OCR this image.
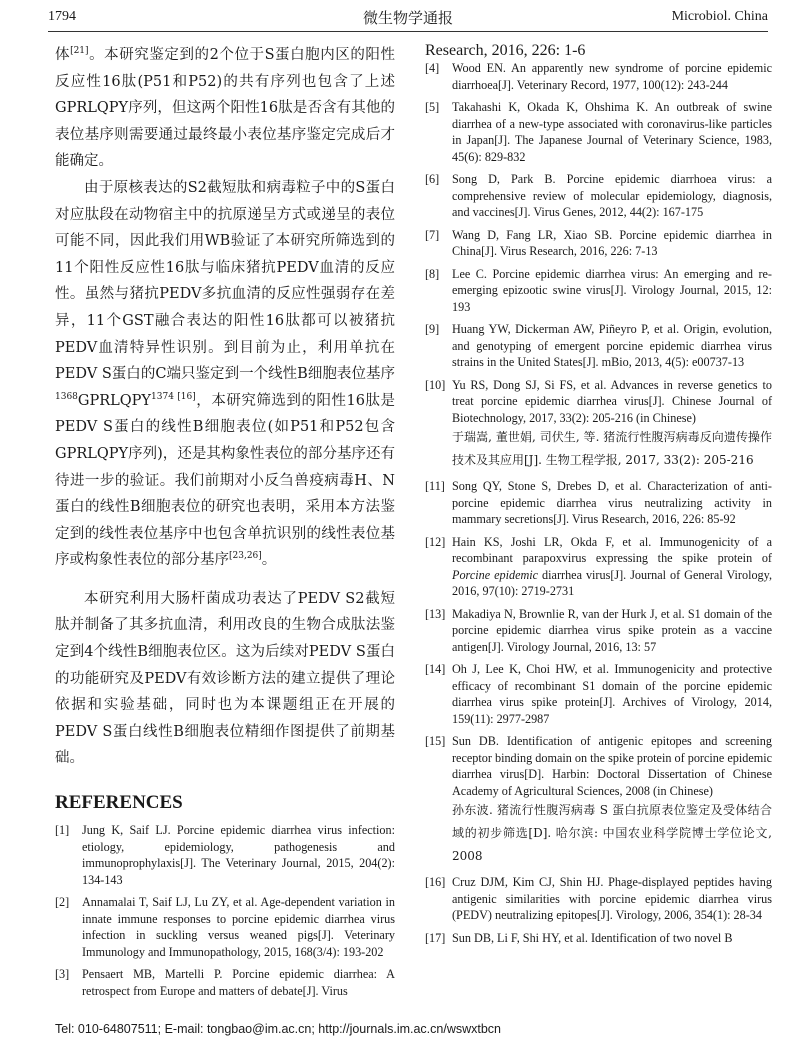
1794	微生物学通报	Microbiol. China

体[21]。本研究鉴定到的2个位于S蛋白胞内区的阳性反应性16肽(P51和P52)的共有序列也包含了上述GPRLQPY序列，但这两个阳性16肽是否含有其他的表位基序则需要通过最终最小表位基序鉴定完成后才能确定。

由于原核表达的S2截短肽和病毒粒子中的S蛋白对应肽段在动物宿主中的抗原递呈方式或递呈的表位可能不同，因此我们用WB验证了本研究所筛选到的11个阳性反应性16肽与临床猪抗PEDV血清的反应性。虽然与猪抗PEDV多抗血清的反应性强弱存在差异，11个GST融合表达的阳性16肽都可以被猪抗PEDV血清特异性识别。到目前为止，利用单抗在PEDV S蛋白的C端只鉴定到一个线性B细胞表位基序$^{1368}GPRLQPY^{1374 [16]}$，本研究筛选到的阳性16肽是PEDV S蛋白的线性B细胞表位(如P51和P52包含GPRLQPY序列)，还是其构象性表位的部分基序还有待进一步的验证。我们前期对小反刍兽疫病毒H、N蛋白的线性B细胞表位的研究也表明，采用本方法鉴定到的线性表位基序中也包含单抗识别的线性表位基序或构象性表位的部分基序[23,26]。

本研究利用大肠杆菌成功表达了PEDV S2截短肽并制备了其多抗血清，利用改良的生物合成肽法鉴定到4个线性B细胞表位区。这为后续对PEDV S蛋白的功能研究及PEDV有效诊断方法的建立提供了理论依据和实验基础，同时也为本课题组正在开展的PEDV S蛋白线性B细胞表位精细作图提供了前期基础。

REFERENCES
[1]	Jung K, Saif LJ. Porcine epidemic diarrhea virus infection: etiology, epidemiology, pathogenesis and immunoprophylaxis[J]. The Veterinary Journal, 2015, 204(2): 134-143
[2]	Annamalai T, Saif LJ, Lu ZY, et al. Age-dependent variation in innate immune responses to porcine epidemic diarrhea virus infection in suckling versus weaned pigs[J]. Veterinary Immunology and Immunopathology, 2015, 168(3/4): 193-202
[3]	Pensaert MB, Martelli P. Porcine epidemic diarrhea: A retrospect from Europe and matters of debate[J]. Virus
Research, 2016, 226: 1-6
[4]	Wood EN. An apparently new syndrome of porcine epidemic diarrhoea[J]. Veterinary Record, 1977, 100(12): 243-244
[5]	Takahashi K, Okada K, Ohshima K. An outbreak of swine diarrhea of a new-type associated with coronavirus-like particles in Japan[J]. The Japanese Journal of Veterinary Science, 1983, 45(6): 829-832
[6]	Song D, Park B. Porcine epidemic diarrhoea virus: a comprehensive review of molecular epidemiology, diagnosis, and vaccines[J]. Virus Genes, 2012, 44(2): 167-175
[7]	Wang D, Fang LR, Xiao SB. Porcine epidemic diarrhea in China[J]. Virus Research, 2016, 226: 7-13
[8]	Lee C. Porcine epidemic diarrhea virus: An emerging and re-emerging epizootic swine virus[J]. Virology Journal, 2015, 12: 193
[9]	Huang YW, Dickerman AW, Piñeyro P, et al. Origin, evolution, and genotyping of emergent porcine epidemic diarrhea virus strains in the United States[J]. mBio, 2013, 4(5): e00737-13
[10] Yu RS, Dong SJ, Si FS, et al. Advances in reverse genetics to treat porcine epidemic diarrhea virus[J]. Chinese Journal of Biotechnology, 2017, 33(2): 205-216 (in Chinese)
于瑞嵩, 董世娟, 司伏生, 等. 猪流行性腹泻病毒反向遗传操作技术及其应用[J]. 生物工程学报, 2017, 33(2): 205-216
[11] Song QY, Stone S, Drebes D, et al. Characterization of anti-porcine epidemic diarrhea virus neutralizing activity in mammary secretions[J]. Virus Research, 2016, 226: 85-92
[12] Hain KS, Joshi LR, Okda F, et al. Immunogenicity of a recombinant parapoxvirus expressing the spike protein of Porcine epidemic diarrhea virus[J]. Journal of General Virology, 2016, 97(10): 2719-2731
[13] Makadiya N, Brownlie R, van der Hurk J, et al. S1 domain of the porcine epidemic diarrhea virus spike protein as a vaccine antigen[J]. Virology Journal, 2016, 13: 57
[14] Oh J, Lee K, Choi HW, et al. Immunogenicity and protective efficacy of recombinant S1 domain of the porcine epidemic diarrhea virus spike protein[J]. Archives of Virology, 2014, 159(11): 2977-2987
[15] Sun DB. Identification of antigenic epitopes and screening receptor binding domain on the spike protein of porcine epidemic diarrhea virus[D]. Harbin: Doctoral Dissertation of Chinese Academy of Agricultural Sciences, 2008 (in Chinese)
孙东波. 猪流行性腹泻病毒 S 蛋白抗原表位鉴定及受体结合域的初步筛选[D]. 哈尔滨: 中国农业科学院博士学位论文, 2008
[16] Cruz DJM, Kim CJ, Shin HJ. Phage-displayed peptides having antigenic similarities with porcine epidemic diarrhea virus (PEDV) neutralizing epitopes[J]. Virology, 2006, 354(1): 28-34
[17] Sun DB, Li F, Shi HY, et al. Identification of two novel B
Tel: 010-64807511; E-mail: tongbao@im.ac.cn; http://journals.im.ac.cn/wswxtbcn
